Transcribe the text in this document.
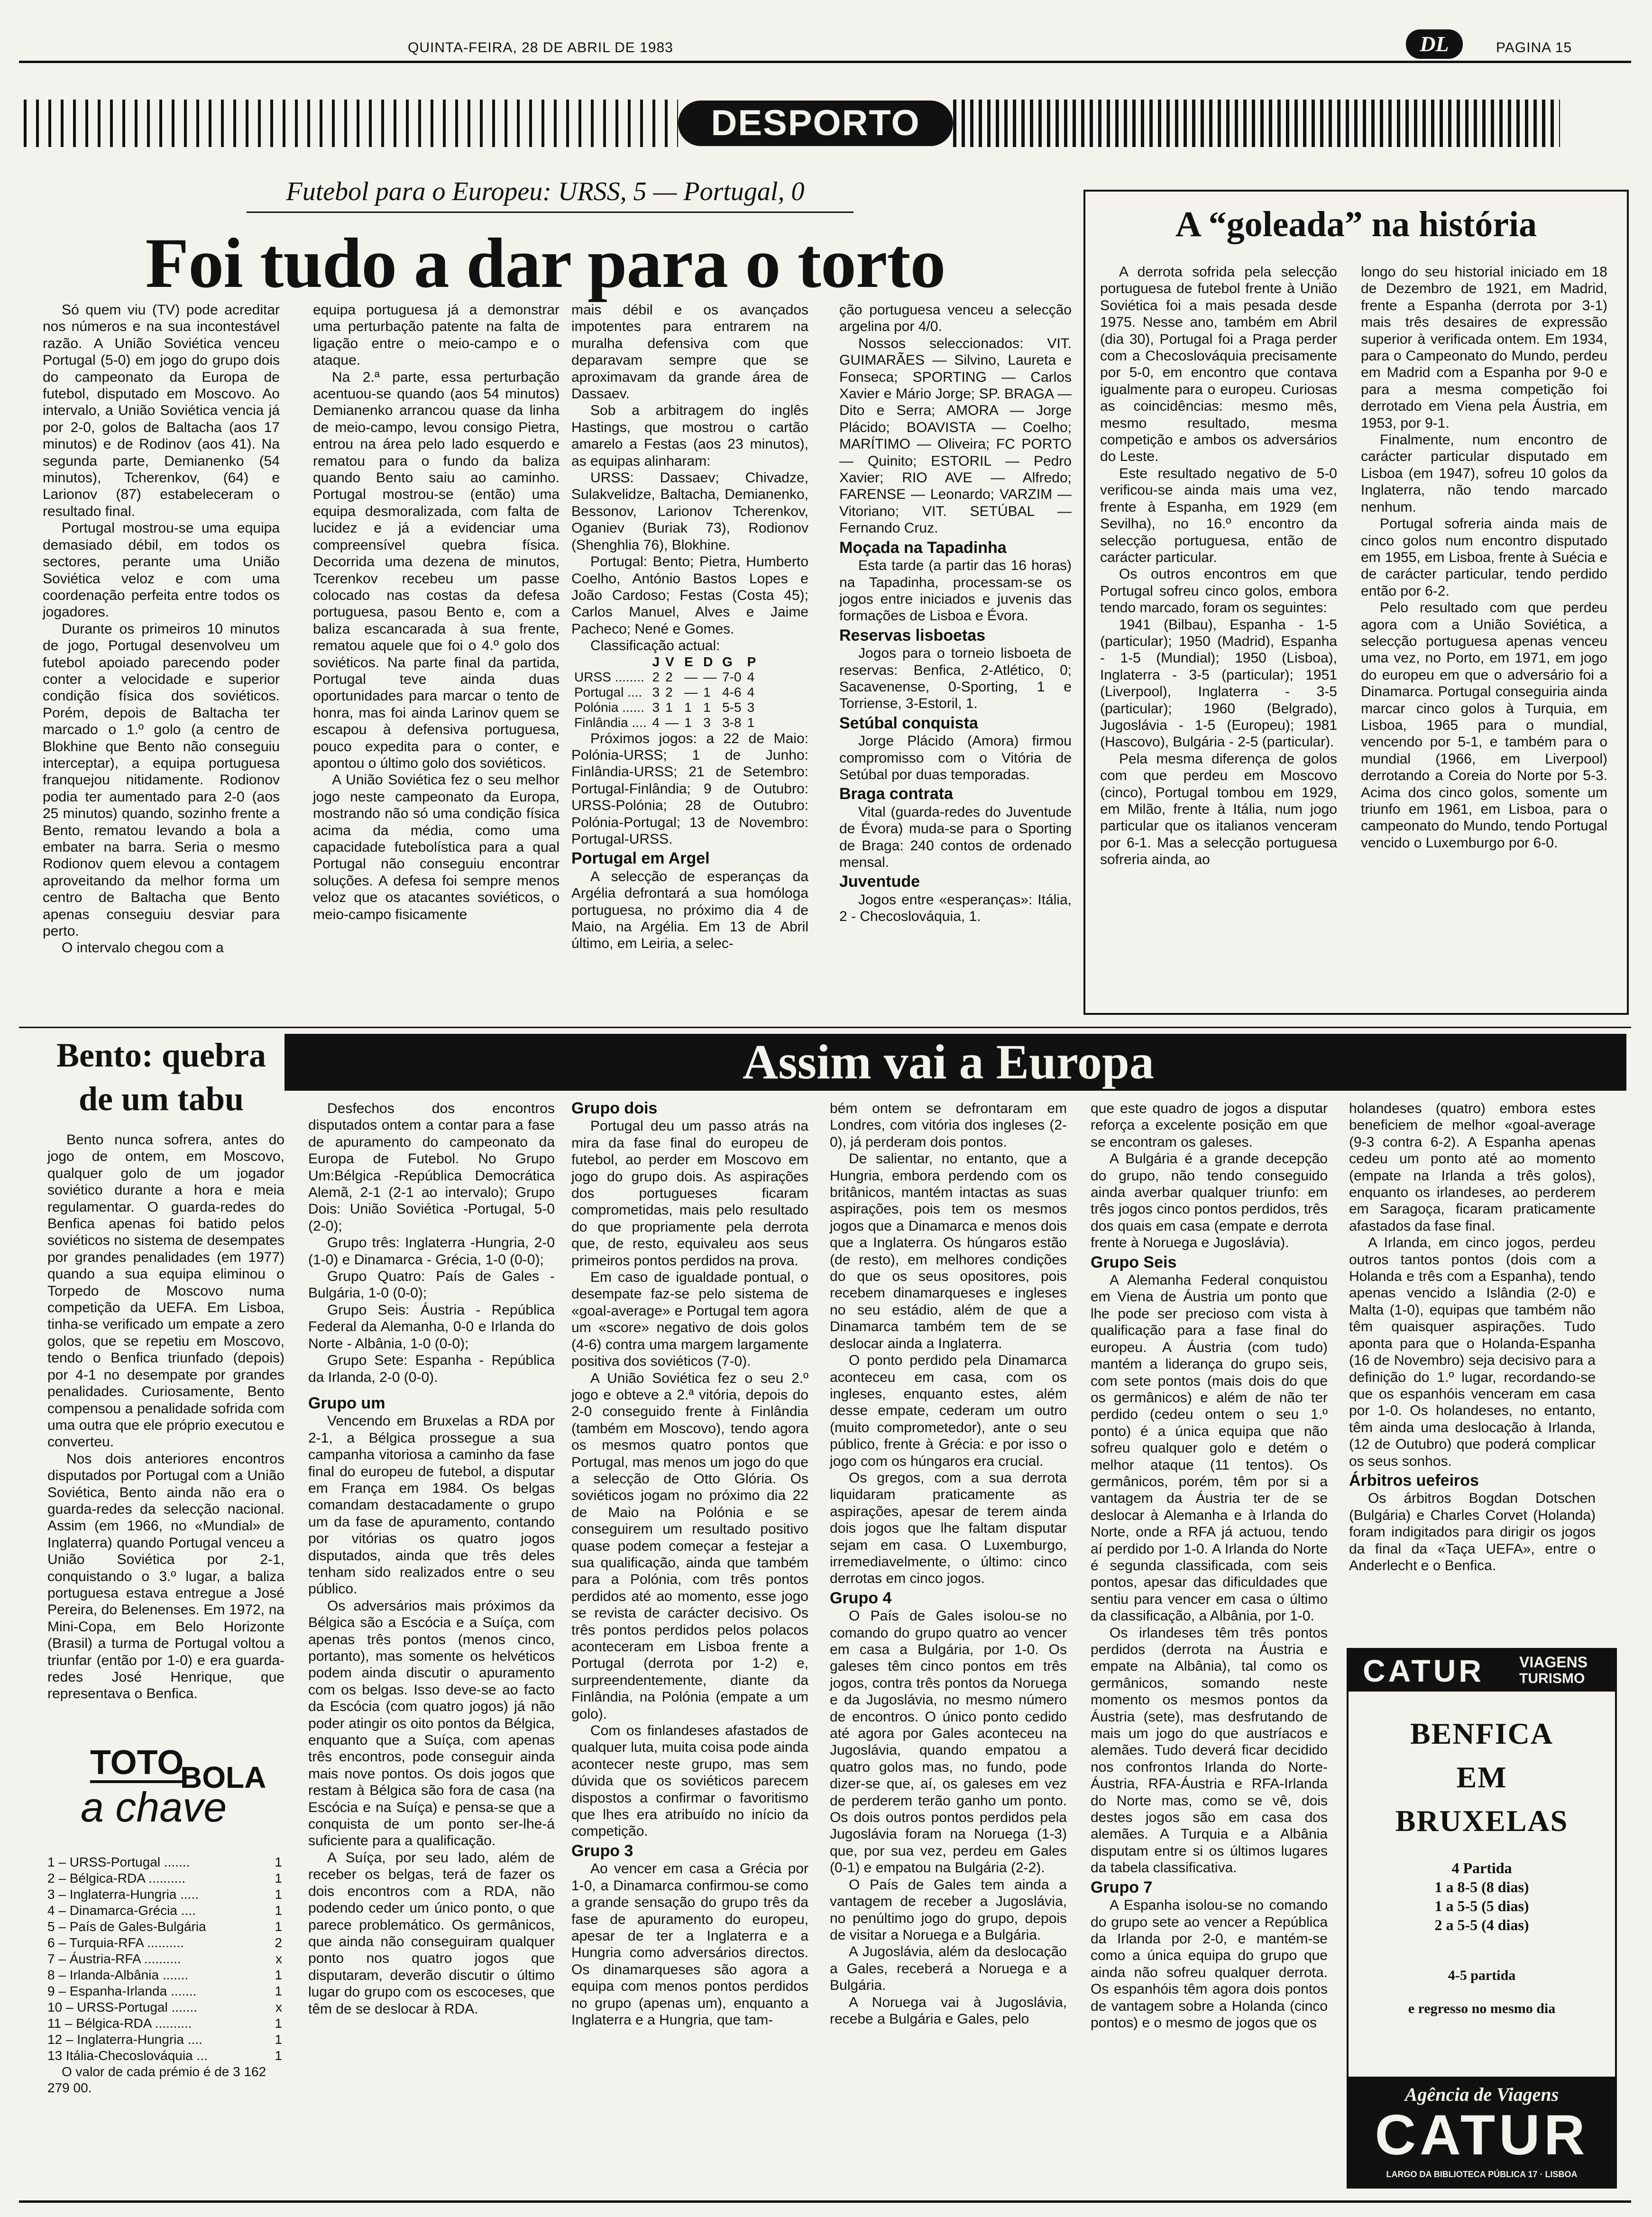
QUINTA-FEIRA, 28 DE ABRIL DE 1983	DL	PAGINA 15
DESPORTO
Futebol para o Europeu: URSS, 5 — Portugal, 0
Foi tudo a dar para o torto

Só quem viu (TV) pode acreditar nos números e na sua incontestável razão. A União Soviética venceu Portugal (5-0) em jogo do grupo dois do campeonato da Europa de futebol, disputado em Moscovo. Ao intervalo, a União Soviética vencia já por 2-0, golos de Baltacha (aos 17 minutos) e de Rodinov (aos 41). Na segunda parte, Demianenko (54 minutos), Tcherenkov, (64) e Larionov (87) estabeleceram o resultado final.

Portugal mostrou-se uma equipa demasiado débil, em todos os sectores, perante uma União Soviética veloz e com uma coordenação perfeita entre todos os jogadores.

Durante os primeiros 10 minutos de jogo, Portugal desenvolveu um futebol apoiado parecendo poder conter a velocidade e superior condição física dos soviéticos. Porém, depois de Baltacha ter marcado o 1.º golo (a centro de Blokhine que Bento não conseguiu interceptar), a equipa portuguesa franquejou nitidamente. Rodionov podia ter aumentado para 2-0 (aos 25 minutos) quando, sozinho frente a Bento, rematou levando a bola a embater na barra. Seria o mesmo Rodionov quem elevou a contagem aproveitando da melhor forma um centro de Baltacha que Bento apenas conseguiu desviar para perto.

O intervalo chegou com a

equipa portuguesa já a demonstrar uma perturbação patente na falta de ligação entre o meio-campo e o ataque.

Na 2.ª parte, essa perturbação acentuou-se quando (aos 54 minutos) Demianenko arrancou quase da linha de meio-campo, levou consigo Pietra, entrou na área pelo lado esquerdo e rematou para o fundo da baliza quando Bento saiu ao caminho. Portugal mostrou-se (então) uma equipa desmoralizada, com falta de lucidez e já a evidenciar uma compreensível quebra física. Decorrida uma dezena de minutos, Tcerenkov recebeu um passe colocado nas costas da defesa portuguesa, pasou Bento e, com a baliza escancarada à sua frente, rematou aquele que foi o 4.º golo dos soviéticos. Na parte final da partida, Portugal teve ainda duas oportunidades para marcar o tento de honra, mas foi ainda Larinov quem se escapou à defensiva portuguesa, pouco expedita para o conter, e apontou o último golo dos soviéticos.

A União Soviética fez o seu melhor jogo neste campeonato da Europa, mostrando não só uma condição física acima da média, como uma capacidade futebolística para a qual Portugal não conseguiu encontrar soluções. A defesa foi sempre menos veloz que os atacantes soviéticos, o meio-campo fisicamente

mais débil e os avançados impotentes para entrarem na muralha defensiva com que deparavam sempre que se aproximavam da grande área de Dassaev.

Sob a arbitragem do inglês Hastings, que mostrou o cartão amarelo a Festas (aos 23 minutos), as equipas alinharam:

URSS: Dassaev; Chivadze, Sulakvelidze, Baltacha, Demianenko, Bessonov, Larionov Tcherenkov, Oganiev (Buriak 73), Rodionov (Shenghlia 76), Blokhine.

Portugal: Bento; Pietra, Humberto Coelho, António Bastos Lopes e João Cardoso; Festas (Costa 45); Carlos Manuel, Alves e Jaime Pacheco; Nené e Gomes.

Classificação actual:

	J	V	E	D	G	P
URSS ........	2	2	—	—	7-0	4
Portugal ....	3	2	—	1	4-6	4
Polónia ......	3	1	1	1	5-5	3
Finlândia ....	4	—	1	3	3-8	1

Próximos jogos: a 22 de Maio: Polónia-URSS; 1 de Junho: Finlândia-URSS; 21 de Setembro: Portugal-Finlândia; 9 de Outubro: URSS-Polónia; 28 de Outubro: Polónia-Portugal; 13 de Novembro: Portugal-URSS.

Portugal em Argel

A selecção de esperanças da Argélia defrontará a sua homóloga portuguesa, no próximo dia 4 de Maio, na Argélia. Em 13 de Abril último, em Leiria, a selec-

ção portuguesa venceu a selecção argelina por 4/0.

Nossos seleccionados: VIT. GUIMARÃES — Silvino, Laureta e Fonseca; SPORTING — Carlos Xavier e Mário Jorge; SP. BRAGA — Dito e Serra; AMORA — Jorge Plácido; BOAVISTA — Coelho; MARÍTIMO — Oliveira; FC PORTO — Quinito; ESTORIL — Pedro Xavier; RIO AVE — Alfredo; FARENSE — Leonardo; VARZIM — Vitoriano; VIT. SETÚBAL — Fernando Cruz.

Moçada na Tapadinha

Esta tarde (a partir das 16 horas) na Tapadinha, processam-se os jogos entre iniciados e juvenis das formações de Lisboa e Évora.

Reservas lisboetas

Jogos para o torneio lisboeta de reservas: Benfica, 2-Atlético, 0; Sacavenense, 0-Sporting, 1 e Torriense, 3-Estoril, 1.

Setúbal conquista

Jorge Plácido (Amora) firmou compromisso com o Vitória de Setúbal por duas temporadas.

Braga contrata

Vital (guarda-redes do Juventude de Évora) muda-se para o Sporting de Braga: 240 contos de ordenado mensal.

Juventude

Jogos entre «esperanças»: Itália, 2 - Checoslováquia, 1.

A “goleada” na história

A derrota sofrida pela selecção portuguesa de futebol frente à União Soviética foi a mais pesada desde 1975. Nesse ano, também em Abril (dia 30), Portugal foi a Praga perder com a Checoslováquia precisamente por 5-0, em encontro que contava igualmente para o europeu. Curiosas as coincidências: mesmo mês, mesmo resultado, mesma competição e ambos os adversários do Leste.

Este resultado negativo de 5-0 verificou-se ainda mais uma vez, frente à Espanha, em 1929 (em Sevilha), no 16.º encontro da selecção portuguesa, então de carácter particular.

Os outros encontros em que Portugal sofreu cinco golos, embora tendo marcado, foram os seguintes:

1941 (Bilbau), Espanha - 1-5 (particular); 1950 (Madrid), Espanha - 1-5 (Mundial); 1950 (Lisboa), Inglaterra - 3-5 (particular); 1951 (Liverpool), Inglaterra - 3-5 (particular); 1960 (Belgrado), Jugoslávia - 1-5 (Europeu); 1981 (Hascovo), Bulgária - 2-5 (particular).

Pela mesma diferença de golos com que perdeu em Moscovo (cinco), Portugal tombou em 1929, em Milão, frente à Itália, num jogo particular que os italianos venceram por 6-1. Mas a selecção portuguesa sofreria ainda, ao

longo do seu historial iniciado em 18 de Dezembro de 1921, em Madrid, frente a Espanha (derrota por 3-1) mais três desaires de expressão superior à verificada ontem. Em 1934, para o Campeonato do Mundo, perdeu em Madrid com a Espanha por 9-0 e para a mesma competição foi derrotado em Viena pela Áustria, em 1953, por 9-1.

Finalmente, num encontro de carácter particular disputado em Lisboa (em 1947), sofreu 10 golos da Inglaterra, não tendo marcado nenhum.

Portugal sofreria ainda mais de cinco golos num encontro disputado em 1955, em Lisboa, frente à Suécia e de carácter particular, tendo perdido então por 6-2.

Pelo resultado com que perdeu agora com a União Soviética, a selecção portuguesa apenas venceu uma vez, no Porto, em 1971, em jogo do europeu em que o adversário foi a Dinamarca. Portugal conseguiria ainda marcar cinco golos à Turquia, em Lisboa, 1965 para o mundial, vencendo por 5-1, e também para o mundial (1966, em Liverpool) derrotando a Coreia do Norte por 5-3. Acima dos cinco golos, somente um triunfo em 1961, em Lisboa, para o campeonato do Mundo, tendo Portugal vencido o Luxemburgo por 6-0.

Bento: quebra
de um tabu

Bento nunca sofrera, antes do jogo de ontem, em Moscovo, qualquer golo de um jogador soviético durante a hora e meia regulamentar. O guarda-redes do Benfica apenas foi batido pelos soviéticos no sistema de desempates por grandes penalidades (em 1977) quando a sua equipa eliminou o Torpedo de Moscovo numa competição da UEFA. Em Lisboa, tinha-se verificado um empate a zero golos, que se repetiu em Moscovo, tendo o Benfica triunfado (depois) por 4-1 no desempate por grandes penalidades. Curiosamente, Bento compensou a penalidade sofrida com uma outra que ele próprio executou e converteu.

Nos dois anteriores encontros disputados por Portugal com a União Soviética, Bento ainda não era o guarda-redes da selecção nacional. Assim (em 1966, no «Mundial» de Inglaterra) quando Portugal venceu a União Soviética por 2-1, conquistando o 3.º lugar, a baliza portuguesa estava entregue a José Pereira, do Belenenses. Em 1972, na Mini-Copa, em Belo Horizonte (Brasil) a turma de Portugal voltou a triunfar (então por 1-0) e era guarda-redes José Henrique, que representava o Benfica.

TOTO
BOLA
a chave
1 – URSS-Portugal .......	1
2 – Bélgica-RDA ..........	1
3 – Inglaterra-Hungria .....	1
4 – Dinamarca-Grécia ....	1
5 – País de Gales-Bulgária	1
6 – Turquia-RFA ..........	2
7 – Áustria-RFA ..........	x
8 – Irlanda-Albânia .......	1
9 – Espanha-Irlanda .......	1
10 – URSS-Portugal .......	x
11 – Bélgica-RDA ..........	1
12 – Inglaterra-Hungria ....	1
13 Itália-Checoslováquia ...	1

O valor de cada prémio é de 3 162 279 00.

Assim vai a Europa

Desfechos dos encontros disputados ontem a contar para a fase de apuramento do campeonato da Europa de Futebol. No Grupo Um:Bélgica -República Democrática Alemã, 2-1 (2-1 ao intervalo); Grupo Dois: União Soviética -Portugal, 5-0 (2-0);

Grupo três: Inglaterra -Hungria, 2-0 (1-0) e Dinamarca - Grécia, 1-0 (0-0);

Grupo Quatro: País de Gales - Bulgária, 1-0 (0-0);

Grupo Seis: Áustria - República Federal da Alemanha, 0-0 e Irlanda do Norte - Albânia, 1-0 (0-0);

Grupo Sete: Espanha - República da Irlanda, 2-0 (0-0).

Grupo um

Vencendo em Bruxelas a RDA por 2-1, a Bélgica prossegue a sua campanha vitoriosa a caminho da fase final do europeu de futebol, a disputar em França em 1984. Os belgas comandam destacadamente o grupo um da fase de apuramento, contando por vitórias os quatro jogos disputados, ainda que três deles tenham sido realizados entre o seu público.

Os adversários mais próximos da Bélgica são a Escócia e a Suíça, com apenas três pontos (menos cinco, portanto), mas somente os helvéticos podem ainda discutir o apuramento com os belgas. Isso deve-se ao facto da Escócia (com quatro jogos) já não poder atingir os oito pontos da Bélgica, enquanto que a Suíça, com apenas três encontros, pode conseguir ainda mais nove pontos. Os dois jogos que restam à Bélgica são fora de casa (na Escócia e na Suíça) e pensa-se que a conquista de um ponto ser-lhe-á suficiente para a qualificação.

A Suíça, por seu lado, além de receber os belgas, terá de fazer os dois encontros com a RDA, não podendo ceder um único ponto, o que parece problemático. Os germânicos, que ainda não conseguiram qualquer ponto nos quatro jogos que disputaram, deverão discutir o último lugar do grupo com os escoceses, que têm de se deslocar à RDA.

Grupo dois

Portugal deu um passo atrás na mira da fase final do europeu de futebol, ao perder em Moscovo em jogo do grupo dois. As aspirações dos portugueses ficaram comprometidas, mais pelo resultado do que propriamente pela derrota que, de resto, equivaleu aos seus primeiros pontos perdidos na prova.

Em caso de igualdade pontual, o desempate faz-se pelo sistema de «goal-average» e Portugal tem agora um «score» negativo de dois golos (4-6) contra uma margem largamente positiva dos soviéticos (7-0).

A União Soviética fez o seu 2.º jogo e obteve a 2.ª vitória, depois do 2-0 conseguido frente à Finlândia (também em Moscovo), tendo agora os mesmos quatro pontos que Portugal, mas menos um jogo do que a selecção de Otto Glória. Os soviéticos jogam no próximo dia 22 de Maio na Polónia e se conseguirem um resultado positivo quase podem começar a festejar a sua qualificação, ainda que também para a Polónia, com três pontos perdidos até ao momento, esse jogo se revista de carácter decisivo. Os três pontos perdidos pelos polacos aconteceram em Lisboa frente a Portugal (derrota por 1-2) e, surpreendentemente, diante da Finlândia, na Polónia (empate a um golo).

Com os finlandeses afastados de qualquer luta, muita coisa pode ainda acontecer neste grupo, mas sem dúvida que os soviéticos parecem dispostos a confirmar o favoritismo que lhes era atribuído no início da competição.

Grupo 3

Ao vencer em casa a Grécia por 1-0, a Dinamarca confirmou-se como a grande sensação do grupo três da fase de apuramento do europeu, apesar de ter a Inglaterra e a Hungria como adversários directos. Os dinamarqueses são agora a equipa com menos pontos perdidos no grupo (apenas um), enquanto a Inglaterra e a Hungria, que tam-

bém ontem se defrontaram em Londres, com vitória dos ingleses (2-0), já perderam dois pontos.

De salientar, no entanto, que a Hungria, embora perdendo com os britânicos, mantém intactas as suas aspirações, pois tem os mesmos jogos que a Dinamarca e menos dois que a Inglaterra. Os húngaros estão (de resto), em melhores condições do que os seus opositores, pois recebem dinamarqueses e ingleses no seu estádio, além de que a Dinamarca também tem de se deslocar ainda a Inglaterra.

O ponto perdido pela Dinamarca aconteceu em casa, com os ingleses, enquanto estes, além desse empate, cederam um outro (muito comprometedor), ante o seu público, frente à Grécia: e por isso o jogo com os húngaros era crucial.

Os gregos, com a sua derrota liquidaram praticamente as aspirações, apesar de terem ainda dois jogos que lhe faltam disputar sejam em casa. O Luxemburgo, irremediavelmente, o último: cinco derrotas em cinco jogos.

Grupo 4

O País de Gales isolou-se no comando do grupo quatro ao vencer em casa a Bulgária, por 1-0. Os galeses têm cinco pontos em três jogos, contra três pontos da Noruega e da Jugoslávia, no mesmo número de encontros. O único ponto cedido até agora por Gales aconteceu na Jugoslávia, quando empatou a quatro golos mas, no fundo, pode dizer-se que, aí, os galeses em vez de perderem terão ganho um ponto. Os dois outros pontos perdidos pela Jugoslávia foram na Noruega (1-3) que, por sua vez, perdeu em Gales (0-1) e empatou na Bulgária (2-2).

O País de Gales tem ainda a vantagem de receber a Jugoslávia, no penúltimo jogo do grupo, depois de visitar a Noruega e a Bulgária.

A Jugoslávia, além da deslocação a Gales, receberá a Noruega e a Bulgária.

A Noruega vai à Jugoslávia, recebe a Bulgária e Gales, pelo

que este quadro de jogos a disputar reforça a excelente posição em que se encontram os galeses.

A Bulgária é a grande decepção do grupo, não tendo conseguido ainda averbar qualquer triunfo: em três jogos cinco pontos perdidos, três dos quais em casa (empate e derrota frente à Noruega e Jugoslávia).

Grupo Seis

A Alemanha Federal conquistou em Viena de Áustria um ponto que lhe pode ser precioso com vista à qualificação para a fase final do europeu. A Áustria (com tudo) mantém a liderança do grupo seis, com sete pontos (mais dois do que os germânicos) e além de não ter perdido (cedeu ontem o seu 1.º ponto) é a única equipa que não sofreu qualquer golo e detém o melhor ataque (11 tentos). Os germânicos, porém, têm por si a vantagem da Áustria ter de se deslocar à Alemanha e à Irlanda do Norte, onde a RFA já actuou, tendo aí perdido por 1-0. A Irlanda do Norte é segunda classificada, com seis pontos, apesar das dificuldades que sentiu para vencer em casa o último da classificação, a Albânia, por 1-0.

Os irlandeses têm três pontos perdidos (derrota na Áustria e empate na Albânia), tal como os germânicos, somando neste momento os mesmos pontos da Áustria (sete), mas desfrutando de mais um jogo do que austríacos e alemães. Tudo deverá ficar decidido nos confrontos Irlanda do Norte-Áustria, RFA-Áustria e RFA-Irlanda do Norte mas, como se vê, dois destes jogos são em casa dos alemães. A Turquia e a Albânia disputam entre si os últimos lugares da tabela classificativa.

Grupo 7

A Espanha isolou-se no comando do grupo sete ao vencer a República da Irlanda por 2-0, e mantém-se como a única equipa do grupo que ainda não sofreu qualquer derrota. Os espanhóis têm agora dois pontos de vantagem sobre a Holanda (cinco pontos) e o mesmo de jogos que os

holandeses (quatro) embora estes beneficiem de melhor «goal-average (9-3 contra 6-2). A Espanha apenas cedeu um ponto até ao momento (empate na Irlanda a três golos), enquanto os irlandeses, ao perderem em Saragoça, ficaram praticamente afastados da fase final.

A Irlanda, em cinco jogos, perdeu outros tantos pontos (dois com a Holanda e três com a Espanha), tendo apenas vencido a Islândia (2-0) e Malta (1-0), equipas que também não têm quaisquer aspirações. Tudo aponta para que o Holanda-Espanha (16 de Novembro) seja decisivo para a definição do 1.º lugar, recordando-se que os espanhóis venceram em casa por 1-0. Os holandeses, no entanto, têm ainda uma deslocação à Irlanda, (12 de Outubro) que poderá complicar os seus sonhos.

Árbitros uefeiros

Os árbitros Bogdan Dotschen (Bulgária) e Charles Corvet (Holanda) foram indigitados para dirigir os jogos da final da «Taça UEFA», entre o Anderlecht e o Benfica.

CATUR VIAGENS
TURISMO
BENFICA
EM
BRUXELAS
4 Partida
1 a 8-5 (8 dias)
1 a 5-5 (5 dias)
2 a 5-5 (4 dias)
4-5 partida
e regresso no mesmo dia
Agência de Viagens
CATUR
LARGO DA BIBLIOTECA PÚBLICA 17 · LISBOA
